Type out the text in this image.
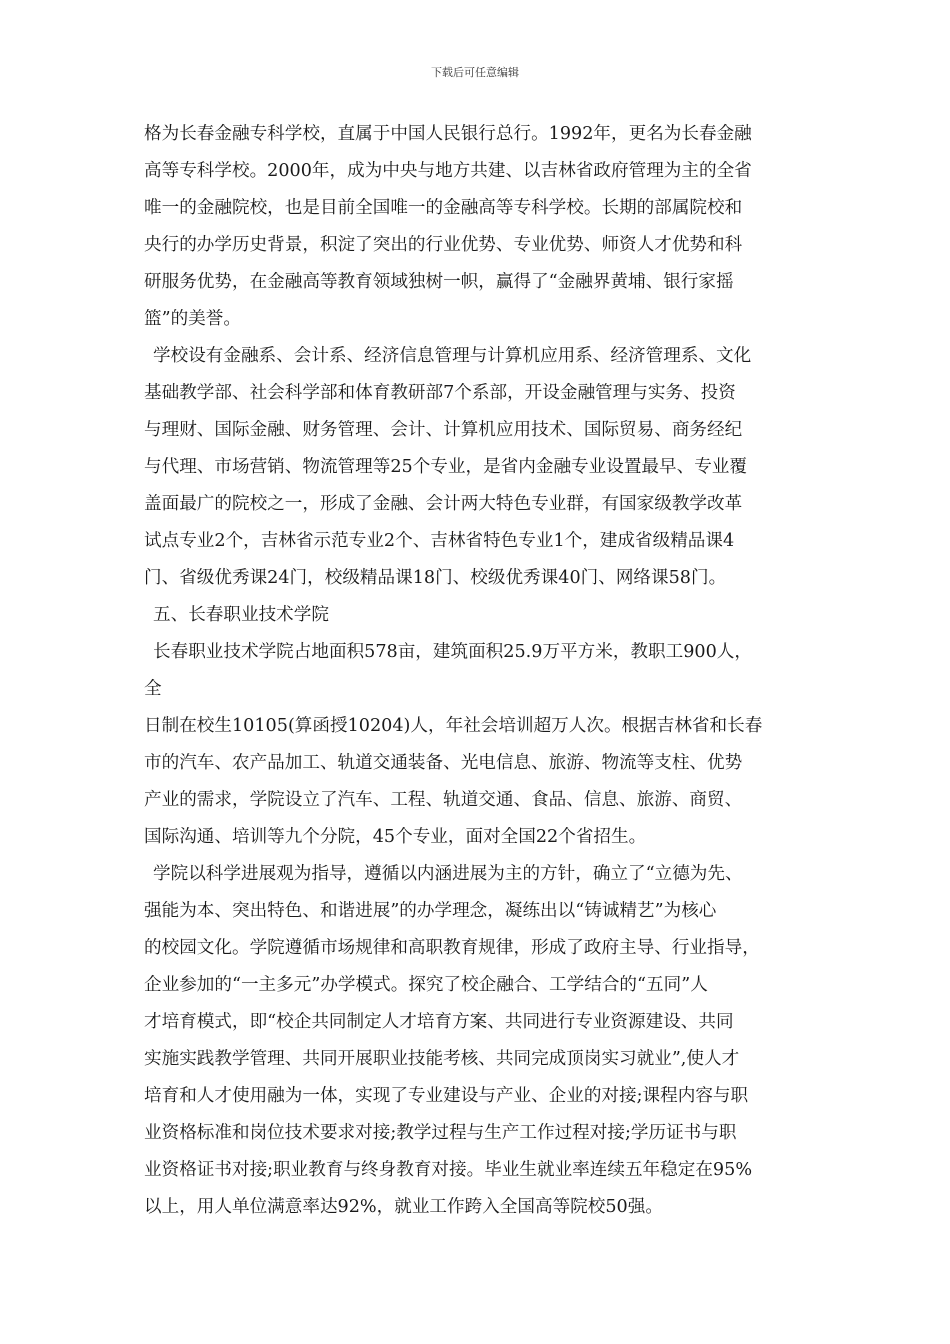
下载后可任意编辑
格为长春金融专科学校，直属于中国人民银行总行。1992年，更名为长春金融
高等专科学校。2000年，成为中央与地方共建、以吉林省政府管理为主的全省
唯一的金融院校，也是目前全国唯一的金融高等专科学校。长期的部属院校和
央行的办学历史背景，积淀了突出的行业优势、专业优势、师资人才优势和科
研服务优势，在金融高等教育领域独树一帜，赢得了“金融界黄埔、银行家摇
篮”的美誉。
学校设有金融系、会计系、经济信息管理与计算机应用系、经济管理系、文化
基础教学部、社会科学部和体育教研部7个系部，开设金融管理与实务、投资
与理财、国际金融、财务管理、会计、计算机应用技术、国际贸易、商务经纪
与代理、市场营销、物流管理等25个专业，是省内金融专业设置最早、专业覆
盖面最广的院校之一，形成了金融、会计两大特色专业群，有国家级教学改革
试点专业2个，吉林省示范专业2个、吉林省特色专业1个，建成省级精品课4
门、省级优秀课24门，校级精品课18门、校级优秀课40门、网络课58门。
五、长春职业技术学院
长春职业技术学院占地面积578亩，建筑面积25.9万平方米，教职工900人，
全
日制在校生10105(算函授10204)人，年社会培训超万人次。根据吉林省和长春
市的汽车、农产品加工、轨道交通装备、光电信息、旅游、物流等支柱、优势
产业的需求，学院设立了汽车、工程、轨道交通、食品、信息、旅游、商贸、
国际沟通、培训等九个分院，45个专业，面对全国22个省招生。
学院以科学进展观为指导，遵循以内涵进展为主的方针，确立了“立德为先、
强能为本、突出特色、和谐进展”的办学理念，凝练出以“铸诚精艺”为核心
的校园文化。学院遵循市场规律和高职教育规律，形成了政府主导、行业指导，
企业参加的“一主多元”办学模式。探究了校企融合、工学结合的“五同”人
才培育模式，即“校企共同制定人才培育方案、共同进行专业资源建设、共同
实施实践教学管理、共同开展职业技能考核、共同完成顶岗实习就业”,使人才
培育和人才使用融为一体，实现了专业建设与产业、企业的对接;课程内容与职
业资格标准和岗位技术要求对接;教学过程与生产工作过程对接;学历证书与职
业资格证书对接;职业教育与终身教育对接。毕业生就业率连续五年稳定在95%
以上，用人单位满意率达92%，就业工作跨入全国高等院校50强。
